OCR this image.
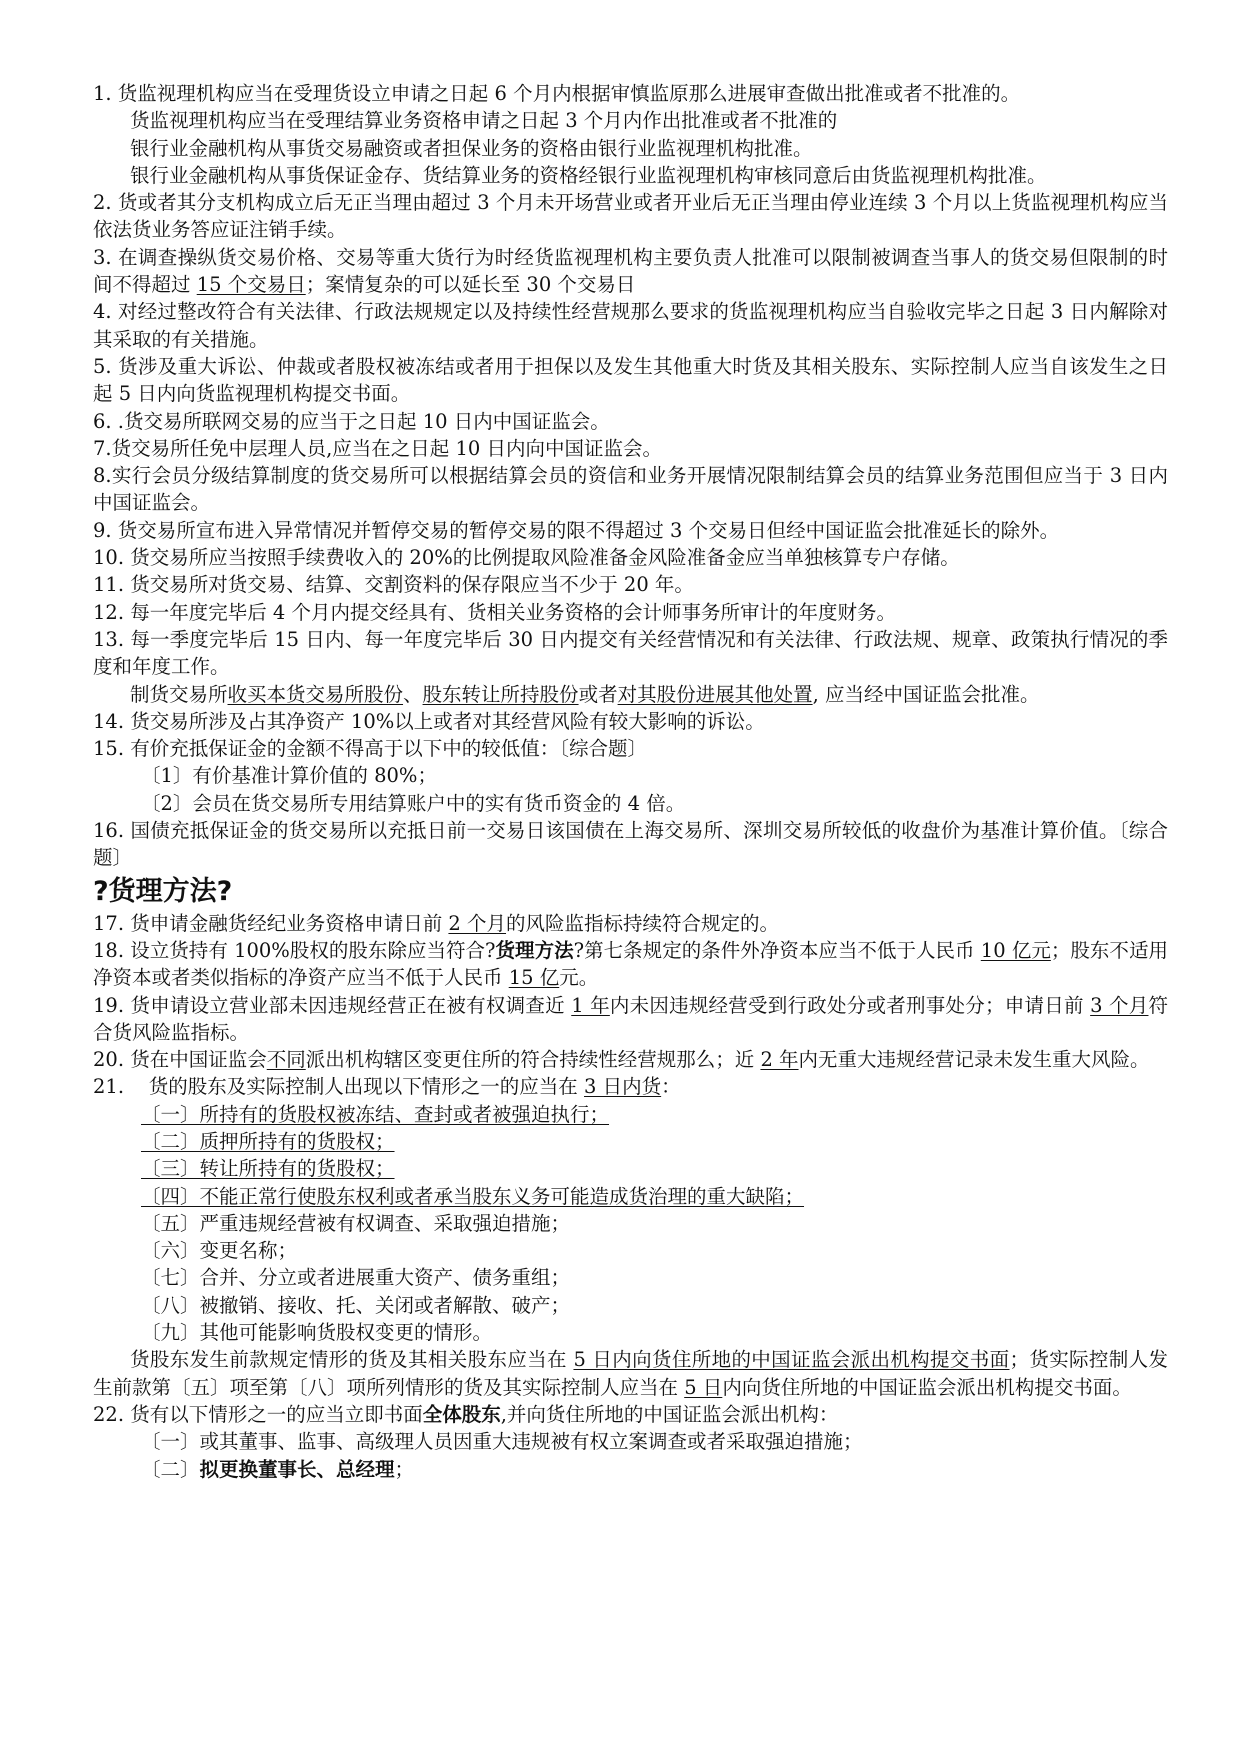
1. 货监视理机构应当在受理货设立申请之日起 6 个月内根据审慎监原那么进展审查做出批准或者不批准的。

货监视理机构应当在受理结算业务资格申请之日起 3 个月内作出批准或者不批准的

银行业金融机构从事货交易融资或者担保业务的资格由银行业监视理机构批准。

银行业金融机构从事货保证金存、货结算业务的资格经银行业监视理机构审核同意后由货监视理机构批准。

2. 货或者其分支机构成立后无正当理由超过 3 个月未开场营业或者开业后无正当理由停业连续 3 个月以上货监视理机构应当依法货业务答应证注销手续。

3. 在调查操纵货交易价格、交易等重大货行为时经货监视理机构主要负责人批准可以限制被调查当事人的货交易但限制的时间不得超过 15 个交易日；案情复杂的可以延长至 30 个交易日

4. 对经过整改符合有关法律、行政法规规定以及持续性经营规那么要求的货监视理机构应当自验收完毕之日起 3 日内解除对其采取的有关措施。

5. 货涉及重大诉讼、仲裁或者股权被冻结或者用于担保以及发生其他重大时货及其相关股东、实际控制人应当自该发生之日起 5 日内向货监视理机构提交书面。

6. .货交易所联网交易的应当于之日起 10 日内中国证监会。

7.货交易所任免中层理人员,应当在之日起 10 日内向中国证监会。

8.实行会员分级结算制度的货交易所可以根据结算会员的资信和业务开展情况限制结算会员的结算业务范围但应当于 3 日内中国证监会。

9. 货交易所宣布进入异常情况并暂停交易的暂停交易的限不得超过 3 个交易日但经中国证监会批准延长的除外。

10. 货交易所应当按照手续费收入的 20%的比例提取风险准备金风险准备金应当单独核算专户存储。

11. 货交易所对货交易、结算、交割资料的保存限应当不少于 20 年。

12. 每一年度完毕后 4 个月内提交经具有、货相关业务资格的会计师事务所审计的年度财务。

13. 每一季度完毕后 15 日内、每一年度完毕后 30 日内提交有关经营情况和有关法律、行政法规、规章、政策执行情况的季度和年度工作。

制货交易所收买本货交易所股份、股东转让所持股份或者对其股份进展其他处置, 应当经中国证监会批准。

14. 货交易所涉及占其净资产 10%以上或者对其经营风险有较大影响的诉讼。

15. 有价充抵保证金的金额不得高于以下中的较低值：〔综合题〕

〔1〕有价基准计算价值的 80%；

〔2〕会员在货交易所专用结算账户中的实有货币资金的 4 倍。

16. 国债充抵保证金的货交易所以充抵日前一交易日该国债在上海交易所、深圳交易所较低的收盘价为基准计算价值。〔综合题〕

?货理方法?

17. 货申请金融货经纪业务资格申请日前 2 个月的风险监指标持续符合规定的。

18. 设立货持有 100%股权的股东除应当符合?货理方法?第七条规定的条件外净资本应当不低于人民币 10 亿元；股东不适用净资本或者类似指标的净资产应当不低于人民币 15 亿元。

19. 货申请设立营业部未因违规经营正在被有权调查近 1 年内未因违规经营受到行政处分或者刑事处分；申请日前 3 个月符合货风险监指标。

20. 货在中国证监会不同派出机构辖区变更住所的符合持续性经营规那么；近 2 年内无重大违规经营记录未发生重大风险。

21.    货的股东及实际控制人出现以下情形之一的应当在 3 日内货：

〔一〕所持有的货股权被冻结、查封或者被强迫执行；

〔二〕质押所持有的货股权；

〔三〕转让所持有的货股权；

〔四〕不能正常行使股东权利或者承当股东义务可能造成货治理的重大缺陷；

〔五〕严重违规经营被有权调查、采取强迫措施；

〔六〕变更名称；

〔七〕合并、分立或者进展重大资产、债务重组；

〔八〕被撤销、接收、托、关闭或者解散、破产；

〔九〕其他可能影响货股权变更的情形。

货股东发生前款规定情形的货及其相关股东应当在 5 日内向货住所地的中国证监会派出机构提交书面；货实际控制人发生前款第〔五〕项至第〔八〕项所列情形的货及其实际控制人应当在 5 日内向货住所地的中国证监会派出机构提交书面。

22. 货有以下情形之一的应当立即书面全体股东,并向货住所地的中国证监会派出机构：

〔一〕或其董事、监事、高级理人员因重大违规被有权立案调查或者采取强迫措施；

〔二〕拟更换董事长、总经理；
